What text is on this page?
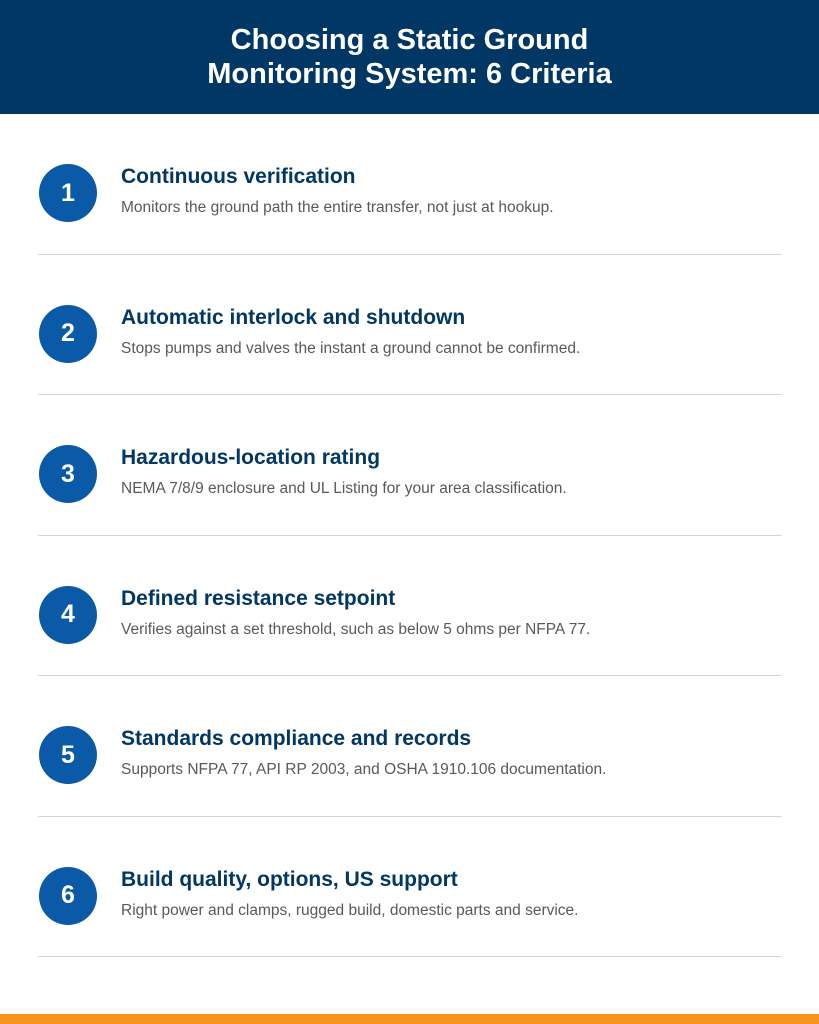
Choosing a Static Ground
Monitoring System: 6 Criteria
1
Continuous verification
Monitors the ground path the entire transfer, not just at hookup.
2
Automatic interlock and shutdown
Stops pumps and valves the instant a ground cannot be confirmed.
3
Hazardous-location rating
NEMA 7/8/9 enclosure and UL Listing for your area classification.
4
Defined resistance setpoint
Verifies against a set threshold, such as below 5 ohms per NFPA 77.
5
Standards compliance and records
Supports NFPA 77, API RP 2003, and OSHA 1910.106 documentation.
6
Build quality, options, US support
Right power and clamps, rugged build, domestic parts and service.
